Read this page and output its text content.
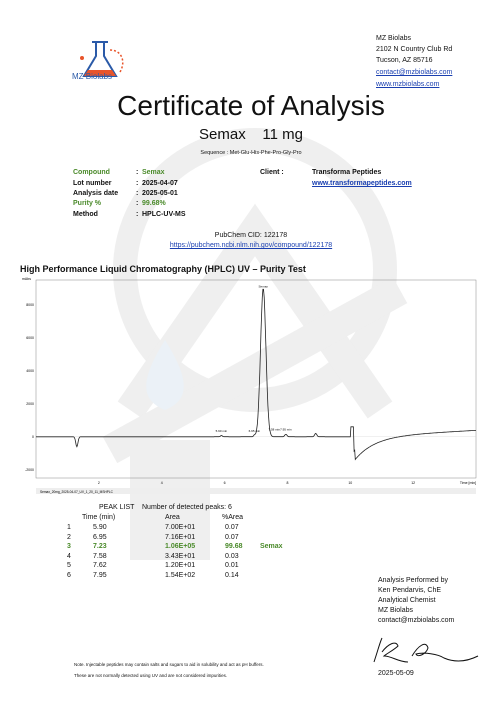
MZ Biolabs
MZ Biolabs
2102 N Country Club Rd
Tucson, AZ 85716
contact@mzbiolabs.com
www.mzbiolabs.com
Certificate of Analysis
Semax    11 mg
Sequence : Met-Glu-His-Phe-Pro-Gly-Pro
Compound	: Semax
Lot number	: 2025-04-07
Analysis date	: 2025-05-01
Purity %	: 99.68%
Method	: HPLC-UV-MS
Client :	Transforma Peptides
www.transformapeptides.com
PubChem CID: 122178
https://pubchem.ncbi.nlm.nih.gov/compound/122178
High Performance Liquid Chromatography (HPLC) UV – Purity Test
8000
6000
4000
2000
0
-2000
2	4	6	8	10	12	Time [min]
mAbs
Semax
5.90 min	6.95 min	7.58 min 7.95 min
Semax_20mg_2025-04-07_UV_1_20_11_MSHPLC
PEAK LIST Number of detected peaks: 6
Time (min)	Area	%Area
1	5.90	7.00E+01	0.07
2	6.95	7.16E+01	0.07
3	7.23	1.06E+05	99.68 Semax
4	7.58	3.43E+01	0.03
5	7.62	1.20E+01	0.01
6	7.95	1.54E+02	0.14
Analysis Performed by
Ken Pendarvis, ChE
Analytical Chemist
MZ Biolabs
contact@mzbiolabs.com
2025-05-09
Note. Injectable peptides may contain salts and sugars to aid in solubility and act as pH buffers.
These are not normally detected using UV and are not considered impurities.
